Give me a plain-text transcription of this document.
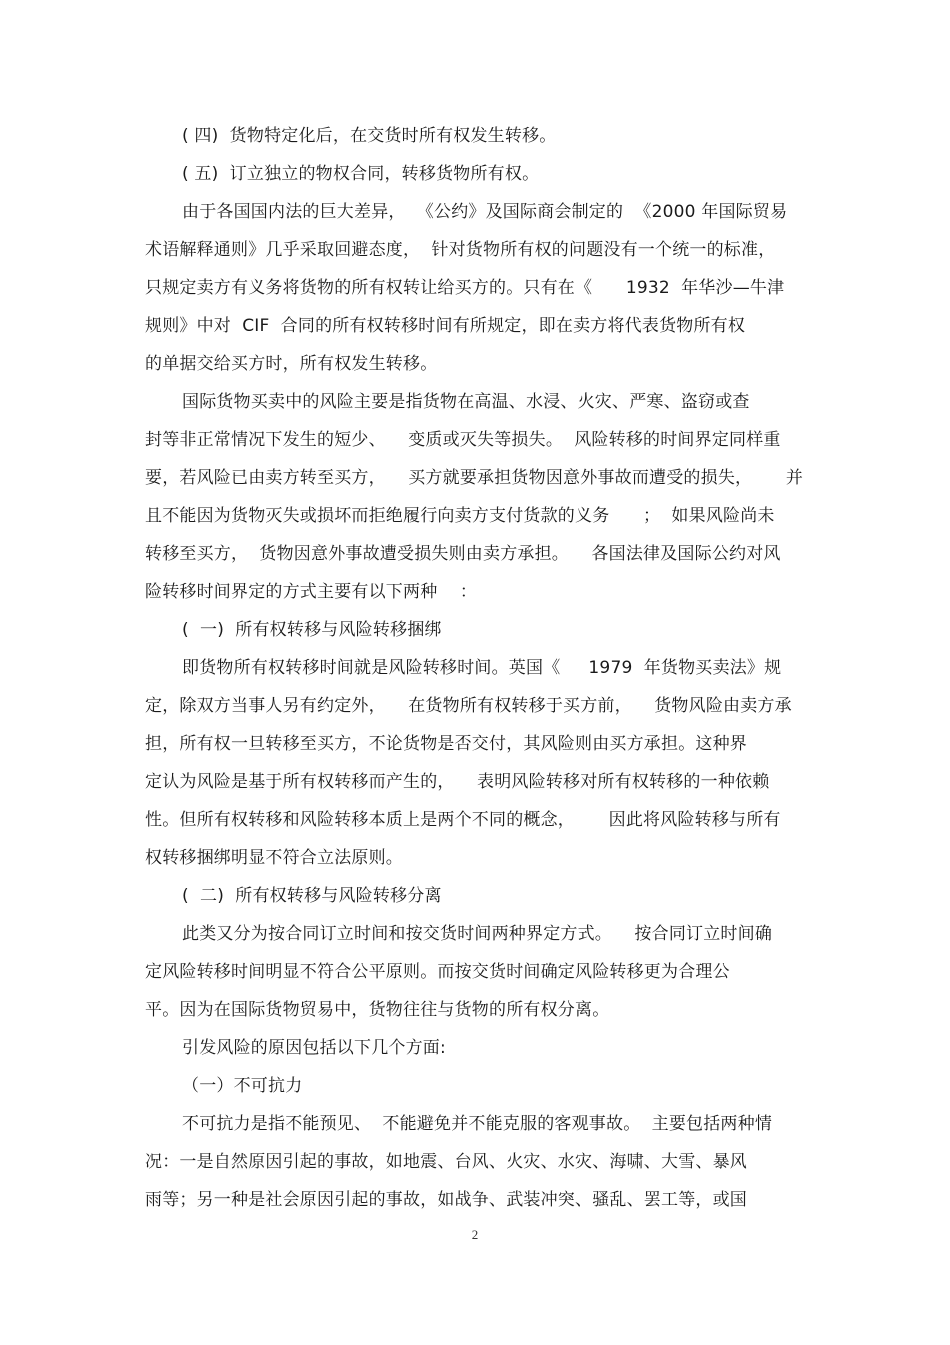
( 四)  货物特定化后，在交货时所有权发生转移。
( 五)  订立独立的物权合同，转移货物所有权。
由于各国国内法的巨大差异，  《公约》及国际商会制定的  《2000 年国际贸易
术语解释通则》几乎采取回避态度，  针对货物所有权的问题没有一个统一的标准，
只规定卖方有义务将货物的所有权转让给买方的。只有在《      1932  年华沙—牛津
规则》中对  CIF  合同的所有权转移时间有所规定，即在卖方将代表货物所有权
的单据交给买方时，所有权发生转移。
国际货物买卖中的风险主要是指货物在高温、水浸、火灾、严寒、盗窃或查
封等非正常情况下发生的短少、    变质或灭失等损失。  风险转移的时间界定同样重
要，若风险已由卖方转至买方，    买方就要承担货物因意外事故而遭受的损失，      并
且不能因为货物灭失或损坏而拒绝履行向卖方支付货款的义务      ；  如果风险尚未
转移至买方，  货物因意外事故遭受损失则由卖方承担。    各国法律及国际公约对风
险转移时间界定的方式主要有以下两种    ：
(  一)  所有权转移与风险转移捆绑
即货物所有权转移时间就是风险转移时间。英国《     1979  年货物买卖法》规
定，除双方当事人另有约定外，    在货物所有权转移于买方前，    货物风险由卖方承
担，所有权一旦转移至买方，不论货物是否交付，其风险则由买方承担。这种界
定认为风险是基于所有权转移而产生的，    表明风险转移对所有权转移的一种依赖
性。但所有权转移和风险转移本质上是两个不同的概念，      因此将风险转移与所有
权转移捆绑明显不符合立法原则。
(  二)  所有权转移与风险转移分离
此类又分为按合同订立时间和按交货时间两种界定方式。    按合同订立时间确
定风险转移时间明显不符合公平原则。而按交货时间确定风险转移更为合理公
平。因为在国际货物贸易中，货物往往与货物的所有权分离。
引发风险的原因包括以下几个方面:
（一）不可抗力
不可抗力是指不能预见、  不能避免并不能克服的客观事故。  主要包括两种情
况：一是自然原因引起的事故，如地震、台风、火灾、水灾、海啸、大雪、暴风
雨等；另一种是社会原因引起的事故，如战争、武装冲突、骚乱、罢工等，或国
2
